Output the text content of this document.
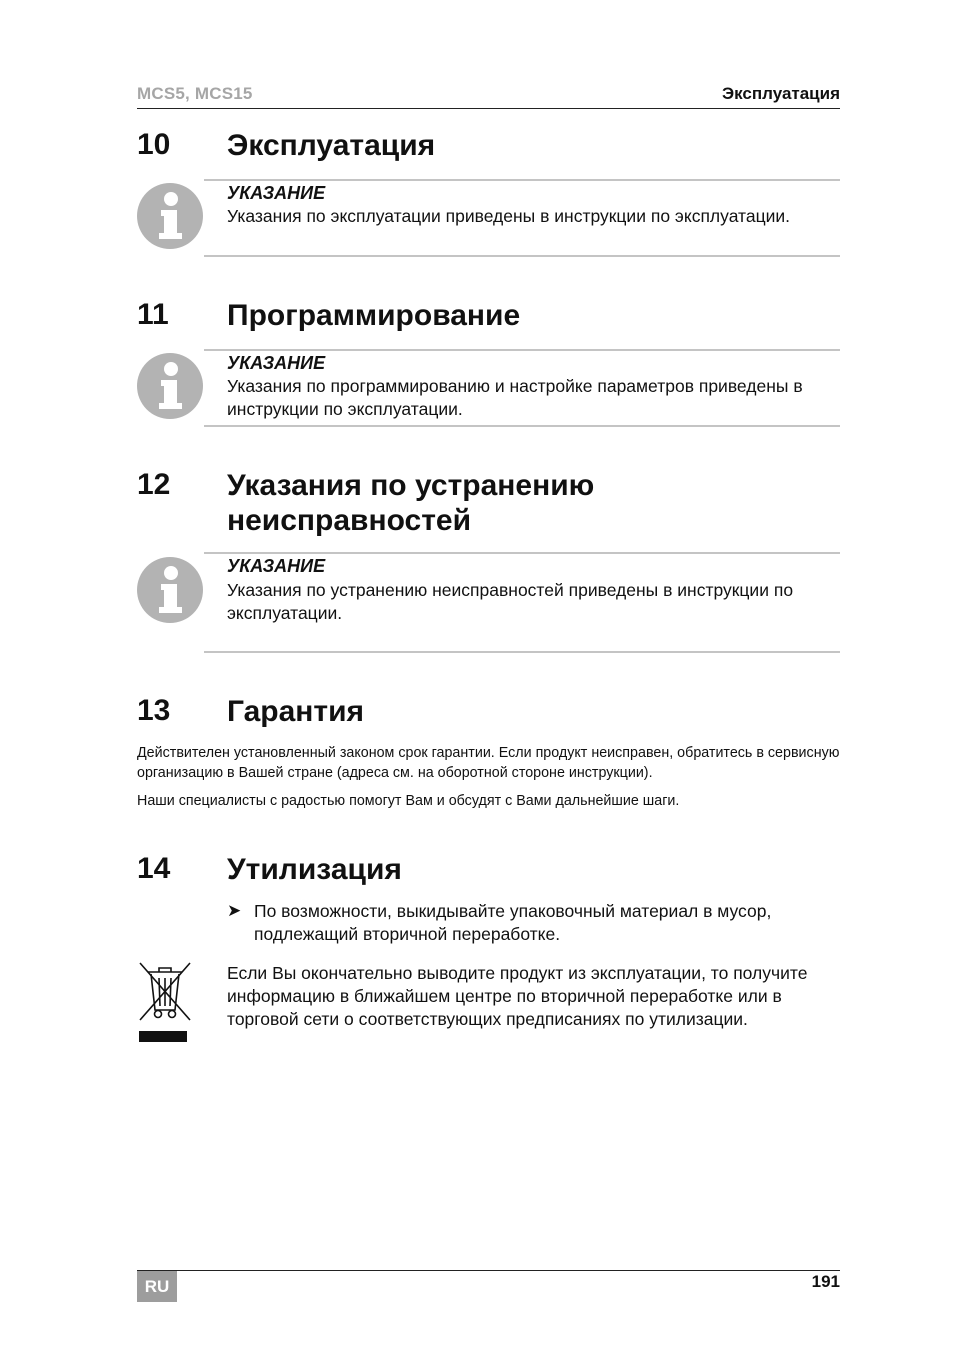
MCS5, MCS15	Эксплуатация
10 Эксплуатация
УКАЗАНИЕ
Указания по эксплуатации приведены в инструкции по эксплуатации.
11 Программирование
УКАЗАНИЕ
Указания по программированию и настройке параметров приведены в инструкции по эксплуатации.
12 Указания по устранению неисправностей
УКАЗАНИЕ
Указания по устранению неисправностей приведены в инструкции по эксплуатации.
13 Гарантия
Действителен установленный законом срок гарантии. Если продукт неисправен, обратитесь в сервисную организацию в Вашей стране (адреса см. на оборотной стороне инструкции).
Наши специалисты с радостью помогут Вам и обсудят с Вами дальнейшие шаги.
14 Утилизация
➤ По возможности, выкидывайте упаковочный материал в мусор, подлежащий вторичной переработке.
Если Вы окончательно выводите продукт из эксплуатации, то получите информацию в ближайшем центре по вторичной переработке или в торговой сети о соответствующих предписаниях по утилизации.
RU	191
